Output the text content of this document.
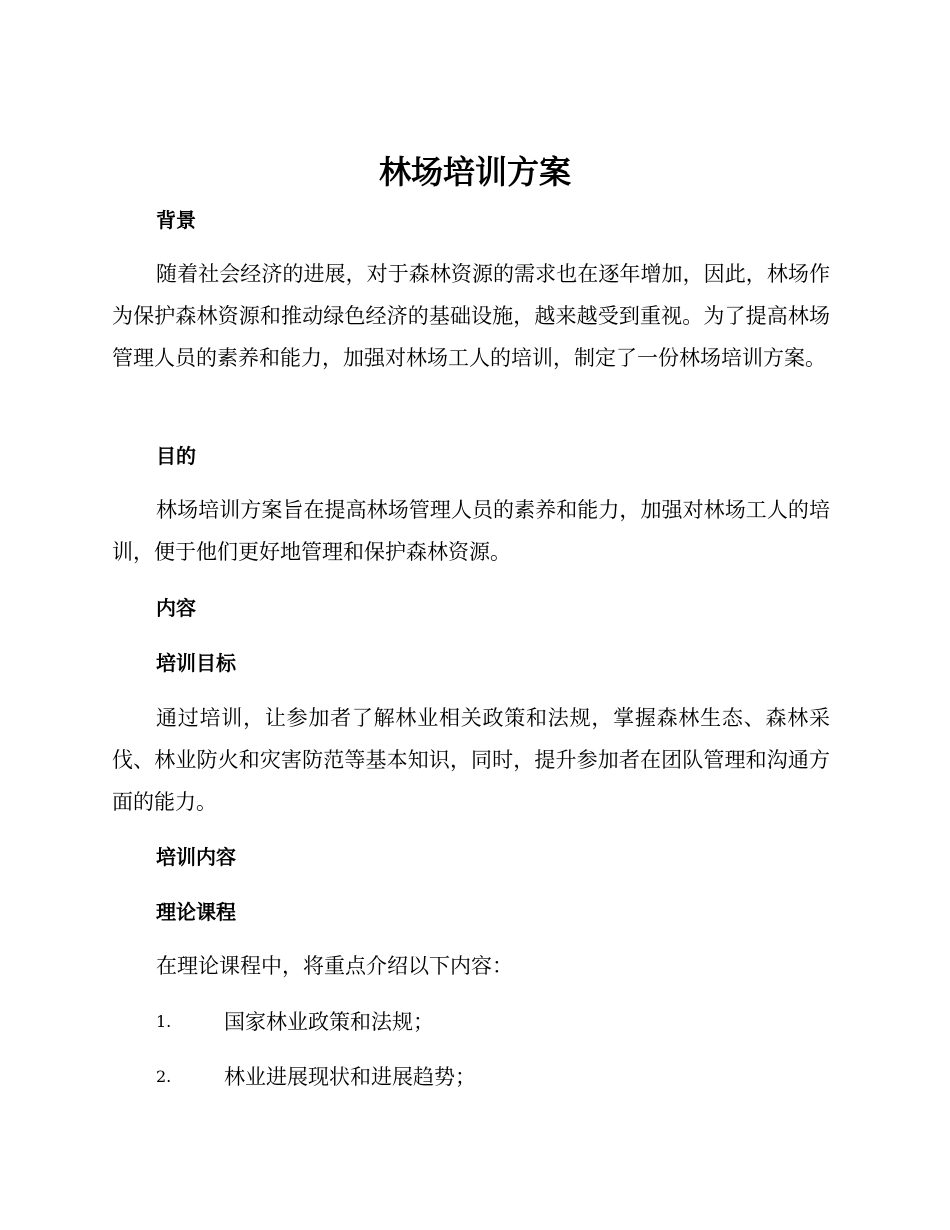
林场培训方案
背景

随着社会经济的进展，对于森林资源的需求也在逐年增加，因此，林场作为保护森林资源和推动绿色经济的基础设施，越来越受到重视。为了提高林场管理人员的素养和能力，加强对林场工人的培训，制定了一份林场培训方案。

目的

林场培训方案旨在提高林场管理人员的素养和能力，加强对林场工人的培训，便于他们更好地管理和保护森林资源。

内容
培训目标

通过培训，让参加者了解林业相关政策和法规，掌握森林生态、森林采伐、林业防火和灾害防范等基本知识，同时，提升参加者在团队管理和沟通方面的能力。

培训内容
理论课程

在理论课程中，将重点介绍以下内容：

1.	国家林业政策和法规；
2.	林业进展现状和进展趋势；
